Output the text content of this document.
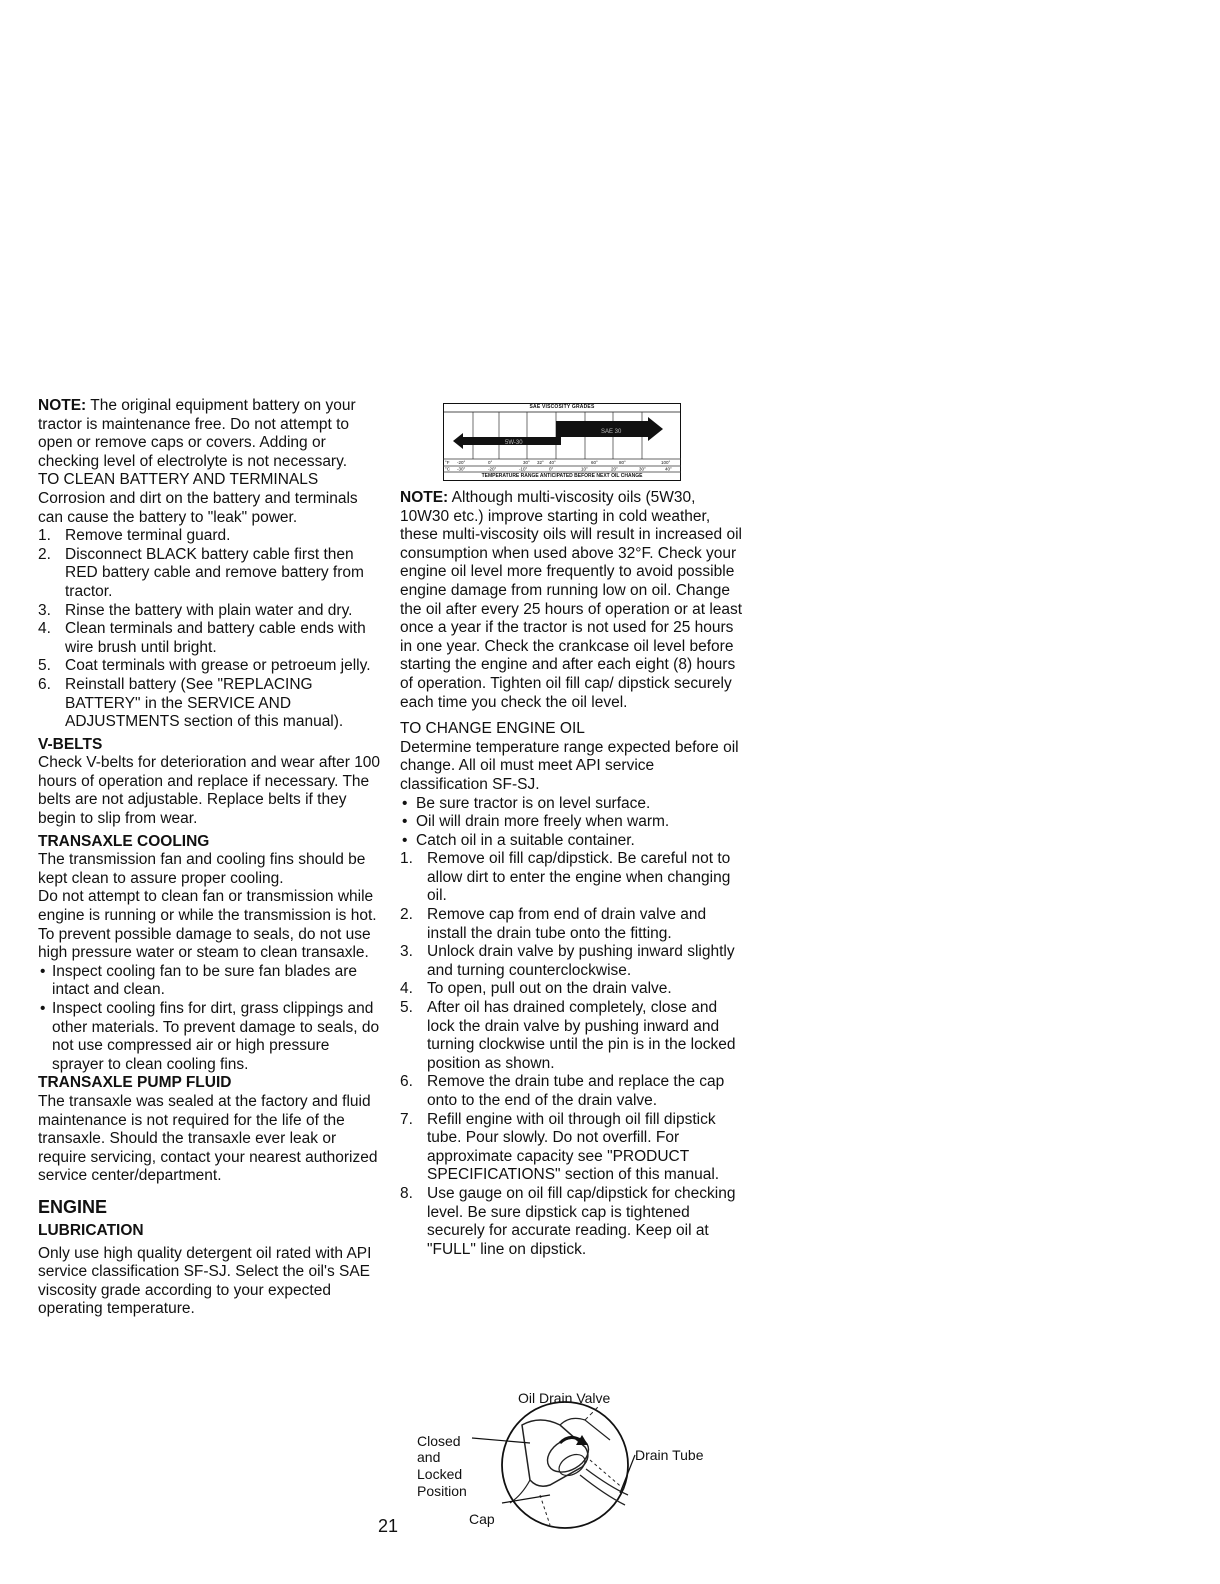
NOTE: The original equipment battery on your tractor is maintenance free. Do not attempt to open or remove caps or covers. Adding or checking level of electrolyte is not necessary.

TO CLEAN BATTERY AND TERMINALS

Corrosion and dirt on the battery and terminals can cause the battery to "leak" power.

1. Remove terminal guard.
2. Disconnect BLACK battery cable first then RED battery cable and remove battery from tractor.
3. Rinse the battery with plain water and dry.
4. Clean terminals and battery cable ends with wire brush until bright.
5. Coat terminals with grease or petroeum jelly.
6. Reinstall battery (See "REPLACING BATTERY" in the SERVICE AND ADJUSTMENTS section of this manual).

V-BELTS

Check V-belts for deterioration and wear after 100 hours of operation and replace if necessary. The belts are not adjustable. Replace belts if they begin to slip from wear.

TRANSAXLE COOLING

The transmission fan and cooling fins should be kept clean to assure proper cooling.

Do not attempt to clean fan or transmission while engine is running or while the transmission is hot. To prevent possible damage to seals, do not use high pressure water or steam to clean transaxle.

• Inspect cooling fan to be sure fan blades are intact and clean.
• Inspect cooling fins for dirt, grass clippings and other materials. To prevent damage to seals, do not use compressed air or high pressure sprayer to clean cooling fins.

TRANSAXLE PUMP FLUID

The transaxle was sealed at the factory and fluid maintenance is not required for the life of the transaxle. Should the transaxle ever leak or require servicing, contact your nearest authorized service center/department.

ENGINE

LUBRICATION

Only use high quality detergent oil rated with API service classification SF-SJ. Select the oil's SAE viscosity grade according to your expected operating temperature.

5W-30
SAE 30
°F
°C
-20°	0°	30° 32° 40°	60°	80°	100°
-30°	-20°	-10°	0°	10°	20°	30°	40°
SAE VISCOSITY GRADES
TEMPERATURE RANGE ANTICIPATED BEFORE NEXT OIL CHANGE

NOTE: Although multi-viscosity oils (5W30, 10W30 etc.) improve starting in cold weather, these multi-viscosity oils will result in increased oil consumption when used above 32°F. Check your engine oil level more frequently to avoid possible engine damage from running low on oil. Change the oil after every 25 hours of operation or at least once a year if the tractor is not used for 25 hours in one year. Check the crankcase oil level before starting the engine and after each eight (8) hours of operation. Tighten oil fill cap/ dipstick securely each time you check the oil level.

TO CHANGE ENGINE OIL

Determine temperature range expected before oil change. All oil must meet API service classification SF-SJ.

• Be sure tractor is on level surface.
• Oil will drain more freely when warm.
• Catch oil in a suitable container.
1. Remove oil fill cap/dipstick. Be careful not to allow dirt to enter the engine when changing oil.
2. Remove cap from end of drain valve and install the drain tube onto the fitting.
3. Unlock drain valve by pushing inward slightly and turning counterclockwise.
4. To open, pull out on the drain valve.
5. After oil has drained completely, close and lock the drain valve by pushing inward and turning clockwise until the pin is in the locked position as shown.
6. Remove the drain tube and replace the cap onto to the end of the drain valve.
7. Refill engine with oil through oil fill dipstick tube. Pour slowly. Do not overfill. For approximate capacity see "PRODUCT SPECIFICATIONS" section of this manual.
8. Use gauge on oil fill cap/dipstick for checking level. Be sure dipstick cap is tightened securely for accurate reading. Keep oil at "FULL" line on dipstick.
Oil Drain Valve
Closed
and
Locked
Position
Drain Tube
Cap
21
